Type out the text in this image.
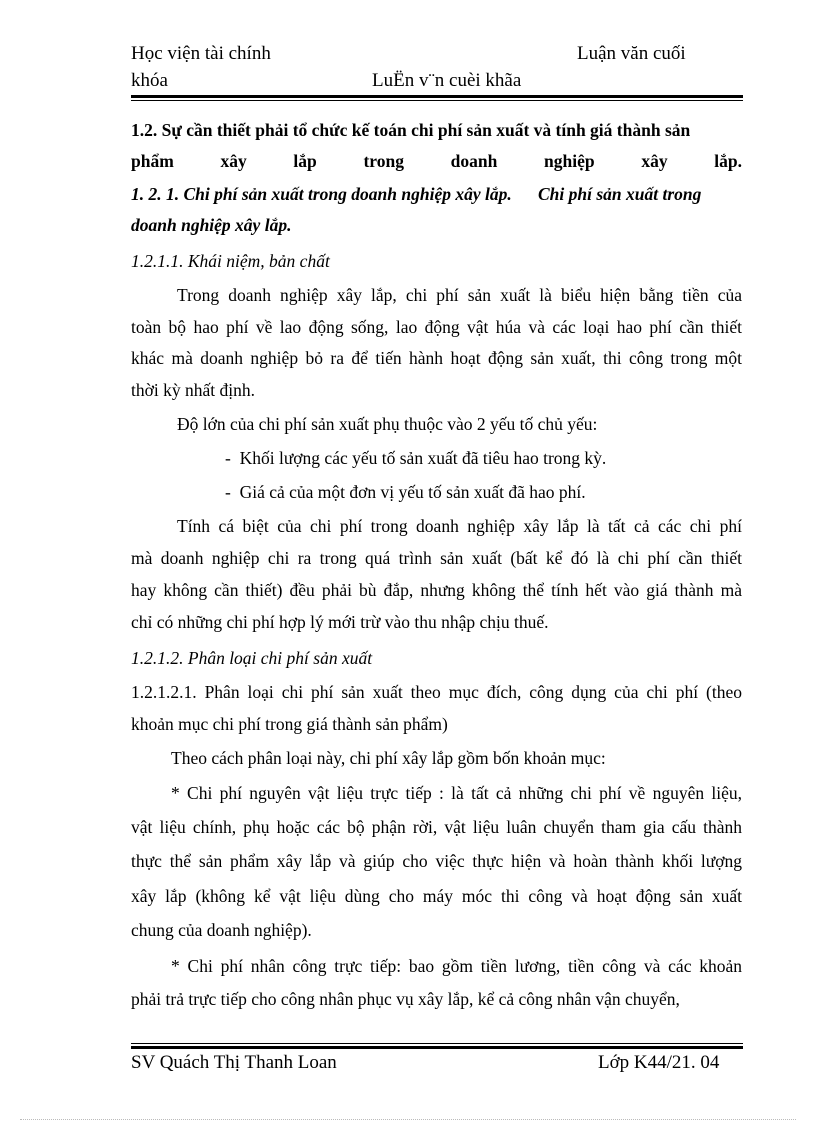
Học viện tài chính	Luận văn cuối
khóa	LuËn v¨n cuèi khãa
1.2. Sự cần thiết phải tổ chức kế toán chi phí sản xuất và tính giá thành sản
phẩm xây lắp trong doanh nghiệp xây lắp.
1. 2. 1. Chi phí sản xuất trong doanh nghiệp xây lắp.      Chi phí sản xuất trong
doanh nghiệp xây lắp.
1.2.1.1. Khái niệm, bản chất
Trong doanh nghiệp xây lắp, chi phí sản xuất là biểu hiện bằng tiền của
toàn bộ hao phí về lao động sống, lao động vật húa và các loại hao phí cần thiết
khác mà doanh nghiệp bỏ ra để tiến hành hoạt động sản xuất, thi công trong một
thời kỳ nhất định.
Độ lớn của chi phí sản xuất phụ thuộc vào 2 yếu tố chủ yếu:
-  Khối lượng các yếu tố sản xuất đã tiêu hao trong kỳ.
-  Giá cả của một đơn vị yếu tố sản xuất đã hao phí.
Tính cá biệt của chi phí trong doanh nghiệp xây lắp là tất cả các chi phí
mà doanh nghiệp chi ra trong quá trình sản xuất (bất kể đó là chi phí cần thiết
hay không cần thiết) đều phải bù đắp, nhưng không thể tính hết vào giá thành mà
chỉ có những chi phí hợp lý mới trừ vào thu nhập chịu thuế.
1.2.1.2. Phân loại chi phí sản xuất
1.2.1.2.1. Phân loại chi phí sản xuất theo mục đích, công dụng của chi phí (theo
khoản mục chi phí trong giá thành sản phẩm)
Theo cách phân loại này, chi phí xây lắp gồm bốn khoản mục:
* Chi phí nguyên vật liệu trực tiếp : là tất cả những chi phí về nguyên liệu,
vật liệu chính, phụ hoặc các bộ phận rời, vật liệu luân chuyển tham gia cấu thành
thực thể sản phẩm xây lắp và giúp cho việc thực hiện và hoàn thành khối lượng
xây lắp (không kể vật liệu dùng cho máy móc thi công và hoạt động sản xuất
chung của doanh nghiệp).
* Chi phí nhân công trực tiếp: bao gồm tiền lương, tiền công và các khoản
phải trả trực tiếp cho công nhân phục vụ xây lắp, kể cả công nhân vận chuyển,
SV Quách Thị Thanh Loan	Lớp K44/21. 04
